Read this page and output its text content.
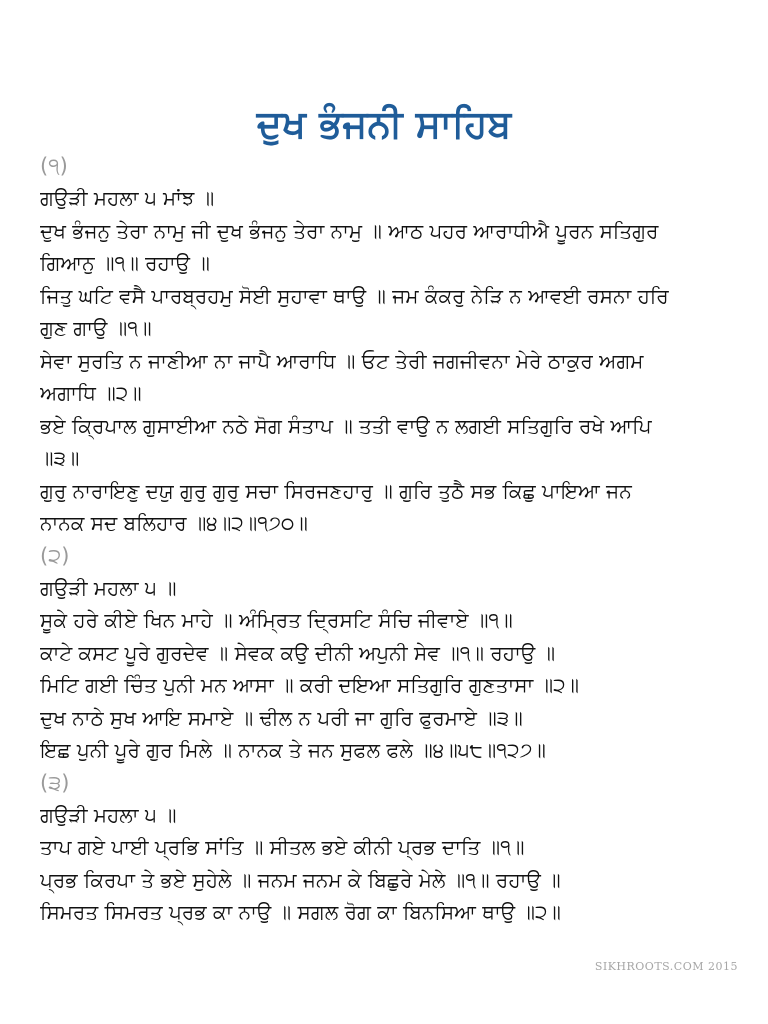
ਦੁਖ ਭੰਜਨੀ ਸਾਹਿਬ
(੧)
ਗਉੜੀ ਮਹਲਾ ੫ ਮਾਂਝ ॥
ਦੁਖ ਭੰਜਨੁ ਤੇਰਾ ਨਾਮੁ ਜੀ ਦੁਖ ਭੰਜਨੁ ਤੇਰਾ ਨਾਮੁ ॥ ਆਠ ਪਹਰ ਆਰਾਧੀਐ ਪੂਰਨ ਸਤਿਗੁਰ
ਗਿਆਨੁ ॥੧॥ ਰਹਾਉ ॥
ਜਿਤੁ ਘਟਿ ਵਸੈ ਪਾਰਬ੍ਰਹਮੁ ਸੋਈ ਸੁਹਾਵਾ ਥਾਉ ॥ ਜਮ ਕੰਕਰੁ ਨੇੜਿ ਨ ਆਵਈ ਰਸਨਾ ਹਰਿ
ਗੁਣ ਗਾਉ ॥੧॥
ਸੇਵਾ ਸੁਰਤਿ ਨ ਜਾਣੀਆ ਨਾ ਜਾਪੈ ਆਰਾਧਿ ॥ ਓਟ ਤੇਰੀ ਜਗਜੀਵਨਾ ਮੇਰੇ ਠਾਕੁਰ ਅਗਮ
ਅਗਾਧਿ ॥੨॥
ਭਏ ਕ੍ਰਿਪਾਲ ਗੁਸਾਈਆ ਨਠੇ ਸੋਗ ਸੰਤਾਪ ॥ ਤਤੀ ਵਾਉ ਨ ਲਗਈ ਸਤਿਗੁਰਿ ਰਖੇ ਆਪਿ
॥੩॥
ਗੁਰੁ ਨਾਰਾਇਣੁ ਦਯੁ ਗੁਰੁ ਗੁਰੁ ਸਚਾ ਸਿਰਜਣਹਾਰੁ ॥ ਗੁਰਿ ਤੁਠੈ ਸਭ ਕਿਛੁ ਪਾਇਆ ਜਨ
ਨਾਨਕ ਸਦ ਬਲਿਹਾਰ ॥੪॥੨॥੧੭੦॥
(੨)
ਗਉੜੀ ਮਹਲਾ ੫ ॥
ਸੂਕੇ ਹਰੇ ਕੀਏ ਖਿਨ ਮਾਹੇ ॥ ਅੰਮ੍ਰਿਤ ਦ੍ਰਿਸਟਿ ਸੰਚਿ ਜੀਵਾਏ ॥੧॥
ਕਾਟੇ ਕਸਟ ਪੂਰੇ ਗੁਰਦੇਵ ॥ ਸੇਵਕ ਕਉ ਦੀਨੀ ਅਪੁਨੀ ਸੇਵ ॥੧॥ ਰਹਾਉ ॥
ਮਿਟਿ ਗਈ ਚਿੰਤ ਪੁਨੀ ਮਨ ਆਸਾ ॥ ਕਰੀ ਦਇਆ ਸਤਿਗੁਰਿ ਗੁਣਤਾਸਾ ॥੨॥
ਦੁਖ ਨਾਠੇ ਸੁਖ ਆਇ ਸਮਾਏ ॥ ਢੀਲ ਨ ਪਰੀ ਜਾ ਗੁਰਿ ਫੁਰਮਾਏ ॥੩॥
ਇਛ ਪੁਨੀ ਪੂਰੇ ਗੁਰ ਮਿਲੇ ॥ ਨਾਨਕ ਤੇ ਜਨ ਸੁਫਲ ਫਲੇ ॥੪॥੫੮॥੧੨੭॥
(੩)
ਗਉੜੀ ਮਹਲਾ ੫ ॥
ਤਾਪ ਗਏ ਪਾਈ ਪ੍ਰਭਿ ਸਾਂਤਿ ॥ ਸੀਤਲ ਭਏ ਕੀਨੀ ਪ੍ਰਭ ਦਾਤਿ ॥੧॥
ਪ੍ਰਭ ਕਿਰਪਾ ਤੇ ਭਏ ਸੁਹੇਲੇ ॥ ਜਨਮ ਜਨਮ ਕੇ ਬਿਛੁਰੇ ਮੇਲੇ ॥੧॥ ਰਹਾਉ ॥
ਸਿਮਰਤ ਸਿਮਰਤ ਪ੍ਰਭ ਕਾ ਨਾਉ ॥ ਸਗਲ ਰੋਗ ਕਾ ਬਿਨਸਿਆ ਥਾਉ ॥੨॥
SIKHROOTS.COM 2015
